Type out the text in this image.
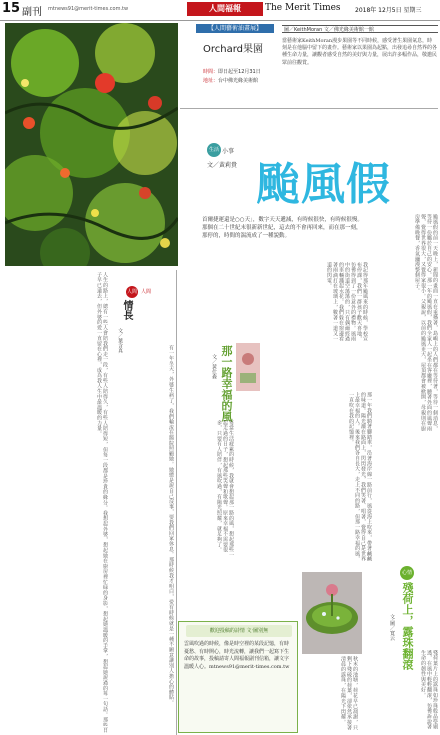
15 副刊 mtnews91@merit-times.com.tw	人間福報	The Merit Times 2018年 12月5日 星期三
【人間藝術油畫展】
Orchard果園
時間：即日起至12月31日
地址：台中佛光緣美術館
圖／KeithMoran 文／佛光緣美術館一館
當藝術家KeithMoran漫步果園等不同時候，感受著生果園氣息，時刻是在他腦中留下的畫作。藝術家以果園為起點，出發追尋自然界的各種生命力量，讓觀者感受自然的美好與力量，展出許多幅作品，敬邀民眾前往觀賞。
生活 小事
文／黃莉貴 颱風假
首爾捷運還是○○天」，數字天天遞減，有時候很快，有時候很慢。那個在二十世紀末很新新世紀，這去的不會再回來，而在那一刻，那停的，時間的湍流成了一種貌動。	颱風假的前一天晚上，新聞的畫面一直在重播著，島嶼上的人們都在等待著，等待一個消息，等待一份屬於自己的安心。那一年的颱風假，我們全家人一起坐在客廳裡，聽著外面的風聲雨聲，覺得世界很大，又覺得家很小。父親說，以前的颱風更大，屋頂都會被掀開，母親則在廚房準備晚餐，香氣瀰漫整個屋子。
我記得那年颱風來的時候，學校宣布停課，我們一群孩子歡天喜地，彷彿得到了一份意外的禮物。風雨中的街道空蕩蕩的，只有偶爾經過的車輛濺起水花。我們躲在窗邊看著雨滴打在玻璃上，數著一道又一道的閃電。
人間 人間
情長
文／葉含真
人生的路上，總有一些人會陪我們走一段，有些人陪得久，有些人陪得短，但每一段都是珍貴的緣分。我想起外婆，想起她在廚房裡忙碌的身影，想起她溫暖的手掌，想起她說過的每一句話。那些日子早已遠去，但外婆的愛一直留在心裡，成為我人生中最溫暖的力量。	有一年冬天，外婆生病了，我們輪流在醫院照顧她。她總是說自己沒事，要我們回家休息。那時候我才明白，愛有時候就是一種不願意讓別人擔心的體貼。	那一路幸福的風
文／黃仕森
那一年我們騎著腳踏車，沿著海岸線一路前行，風從海上吹來，帶著鹹鹹的味道。陽光灑在路面上，閃閃發光，我們笑著、唱著，覺得自己是世界上最幸福的人。後來我們各自長大，走上不同的路，但那一路幸福的風，一直吹在我的記憶裡。
每當生活疲累的時候，我就會想起那一路的風，想起那些一起走過的日子，想起那些笑聲和歌聲。原來幸福不需要很多，只要有人陪伴，有風吹過，有陽光照耀，就足夠了。
心情
殘荷上，露珠翻滾
文‧圖／寬云
殘荷葉片上的露珠如珍珠般晶瑩剔透，在風中輕輕翻滾，彷彿訴說著生命的韌性與美好。
秋末的池塘，荷花早已凋謝，只剩下殘破的荷葉，卻依然承接著清晨的露珠，在陽光下閃耀。
歡迎投稿的詩情 文‧圖別無
雲風吹過的時候，像是時空裡的某段記憶，有時憂愁、有時開心，時光流轉，讓我們一起寫下生命的故事，投稿請寄人間福報副刊信箱，讓文字溫暖人心。mtnews91@merit-times.com.tw
